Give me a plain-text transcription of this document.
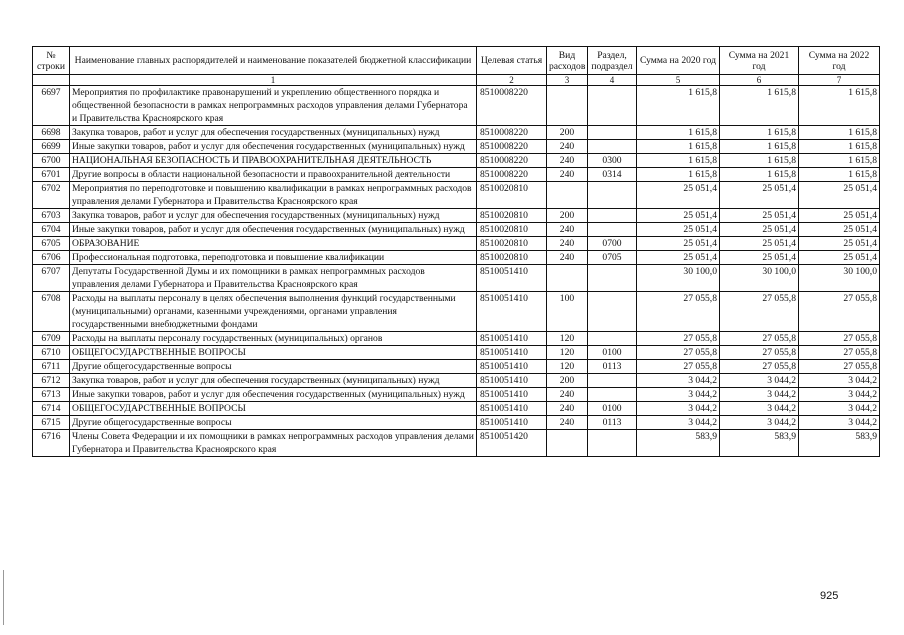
№ строки	Наименование главных распорядителей и наименование показателей бюджетной классификации	Целевая статья	Вид расходов	Раздел, подраздел	Сумма на 2020 год	Сумма на 2021 год	Сумма на 2022 год
	1	2	3	4	5	6	7
6697	Мероприятия по профилактике правонарушений и укреплению общественного порядка и общественной безопасности в рамках непрограммных расходов управления делами Губернатора и Правительства Красноярского края	8510008220			1 615,8	1 615,8	1 615,8
6698	Закупка товаров, работ и услуг для обеспечения государственных (муниципальных) нужд	8510008220	200		1 615,8	1 615,8	1 615,8
6699	Иные закупки товаров, работ и услуг для обеспечения государственных (муниципальных) нужд	8510008220	240		1 615,8	1 615,8	1 615,8
6700	НАЦИОНАЛЬНАЯ БЕЗОПАСНОСТЬ И ПРАВООХРАНИТЕЛЬНАЯ ДЕЯТЕЛЬНОСТЬ	8510008220	240	0300	1 615,8	1 615,8	1 615,8
6701	Другие вопросы в области национальной безопасности и правоохранительной деятельности	8510008220	240	0314	1 615,8	1 615,8	1 615,8
6702	Мероприятия по переподготовке и повышению квалификации в рамках непрограммных расходов управления делами Губернатора и Правительства Красноярского края	8510020810			25 051,4	25 051,4	25 051,4
6703	Закупка товаров, работ и услуг для обеспечения государственных (муниципальных) нужд	8510020810	200		25 051,4	25 051,4	25 051,4
6704	Иные закупки товаров, работ и услуг для обеспечения государственных (муниципальных) нужд	8510020810	240		25 051,4	25 051,4	25 051,4
6705	ОБРАЗОВАНИЕ	8510020810	240	0700	25 051,4	25 051,4	25 051,4
6706	Профессиональная подготовка, переподготовка и повышение квалификации	8510020810	240	0705	25 051,4	25 051,4	25 051,4
6707	Депутаты Государственной Думы и их помощники в рамках непрограммных расходов управления делами Губернатора и Правительства Красноярского края	8510051410			30 100,0	30 100,0	30 100,0
6708	Расходы на выплаты персоналу в целях обеспечения выполнения функций государственными (муниципальными) органами, казенными учреждениями, органами управления государственными внебюджетными фондами	8510051410	100		27 055,8	27 055,8	27 055,8
6709	Расходы на выплаты персоналу государственных (муниципальных) органов	8510051410	120		27 055,8	27 055,8	27 055,8
6710	ОБЩЕГОСУДАРСТВЕННЫЕ ВОПРОСЫ	8510051410	120	0100	27 055,8	27 055,8	27 055,8
6711	Другие общегосударственные вопросы	8510051410	120	0113	27 055,8	27 055,8	27 055,8
6712	Закупка товаров, работ и услуг для обеспечения государственных (муниципальных) нужд	8510051410	200		3 044,2	3 044,2	3 044,2
6713	Иные закупки товаров, работ и услуг для обеспечения государственных (муниципальных) нужд	8510051410	240		3 044,2	3 044,2	3 044,2
6714	ОБЩЕГОСУДАРСТВЕННЫЕ ВОПРОСЫ	8510051410	240	0100	3 044,2	3 044,2	3 044,2
6715	Другие общегосударственные вопросы	8510051410	240	0113	3 044,2	3 044,2	3 044,2
6716	Члены Совета Федерации и их помощники в рамках непрограммных расходов управления делами Губернатора и Правительства Красноярского края	8510051420			583,9	583,9	583,9
925
